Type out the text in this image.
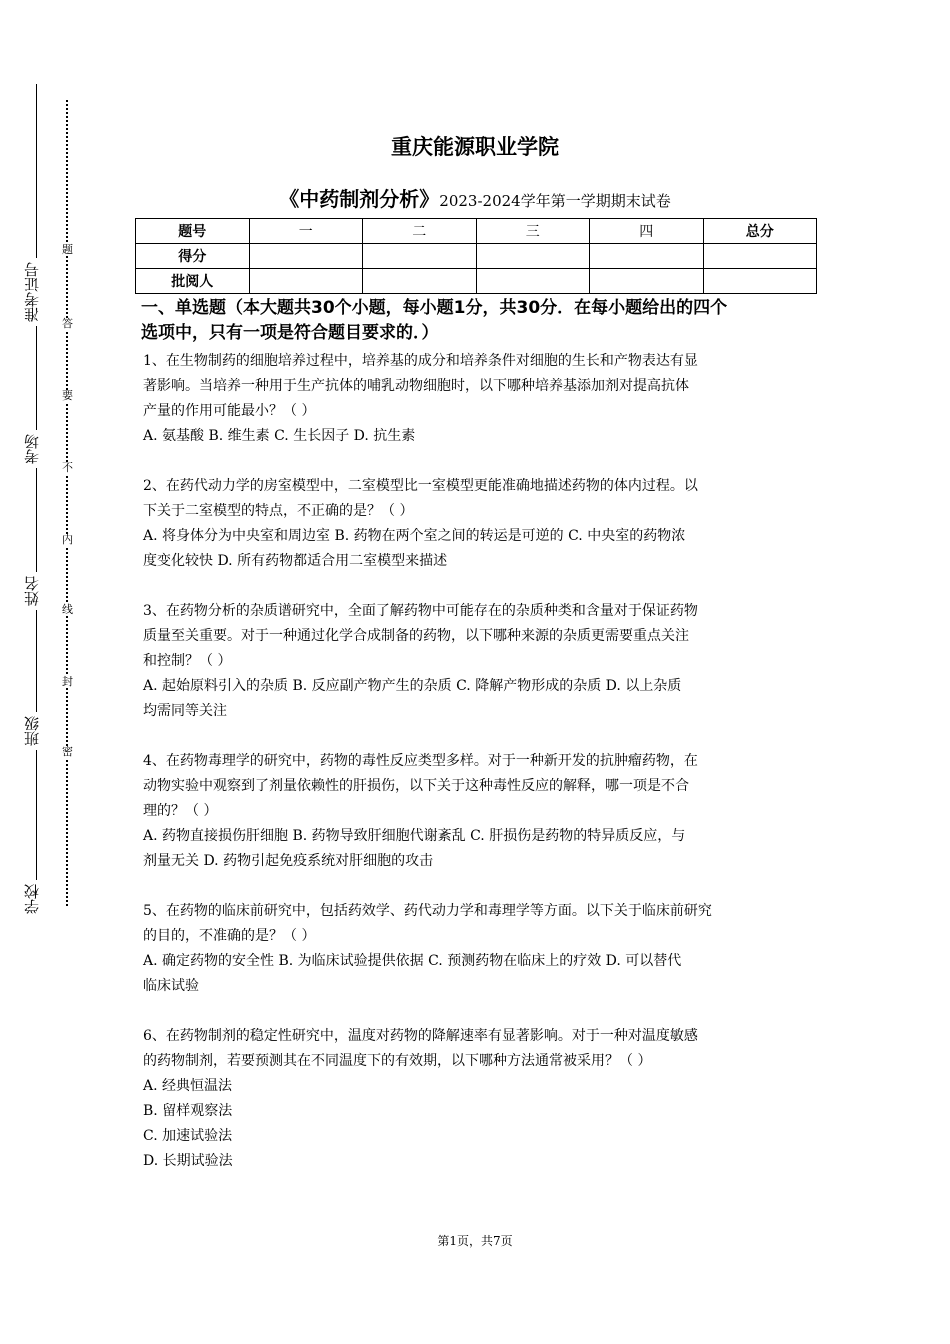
题
答
要
不
内
线
封
密
准考证号
考场
姓名
班级
学校
重庆能源职业学院
《中药制剂分析》2023-2024学年第一学期期末试卷
题号	一	二	三	四	总分
得分					
批阅人					
一、单选题（本大题共30个小题，每小题1分，共30分．在每小题给出的四个
选项中，只有一项是符合题目要求的．）
1、在生物制药的细胞培养过程中，培养基的成分和培养条件对细胞的生长和产物表达有显
著影响。当培养一种用于生产抗体的哺乳动物细胞时，以下哪种培养基添加剂对提高抗体
产量的作用可能最小？（ ）
A. 氨基酸 B. 维生素 C. 生长因子 D. 抗生素
2、在药代动力学的房室模型中，二室模型比一室模型更能准确地描述药物的体内过程。以
下关于二室模型的特点，不正确的是？（ ）
A. 将身体分为中央室和周边室 B. 药物在两个室之间的转运是可逆的 C. 中央室的药物浓
度变化较快 D. 所有药物都适合用二室模型来描述
3、在药物分析的杂质谱研究中，全面了解药物中可能存在的杂质种类和含量对于保证药物
质量至关重要。对于一种通过化学合成制备的药物，以下哪种来源的杂质更需要重点关注
和控制？（ ）
A. 起始原料引入的杂质 B. 反应副产物产生的杂质 C. 降解产物形成的杂质 D. 以上杂质
均需同等关注
4、在药物毒理学的研究中，药物的毒性反应类型多样。对于一种新开发的抗肿瘤药物，在
动物实验中观察到了剂量依赖性的肝损伤，以下关于这种毒性反应的解释，哪一项是不合
理的？（ ）
A. 药物直接损伤肝细胞 B. 药物导致肝细胞代谢紊乱 C. 肝损伤是药物的特异质反应，与
剂量无关 D. 药物引起免疫系统对肝细胞的攻击
5、在药物的临床前研究中，包括药效学、药代动力学和毒理学等方面。以下关于临床前研究
的目的，不准确的是？（ ）
A. 确定药物的安全性 B. 为临床试验提供依据 C. 预测药物在临床上的疗效 D. 可以替代
临床试验
6、在药物制剂的稳定性研究中，温度对药物的降解速率有显著影响。对于一种对温度敏感
的药物制剂，若要预测其在不同温度下的有效期，以下哪种方法通常被采用？（ ）
A. 经典恒温法
B. 留样观察法
C. 加速试验法
D. 长期试验法
第1页，共7页
